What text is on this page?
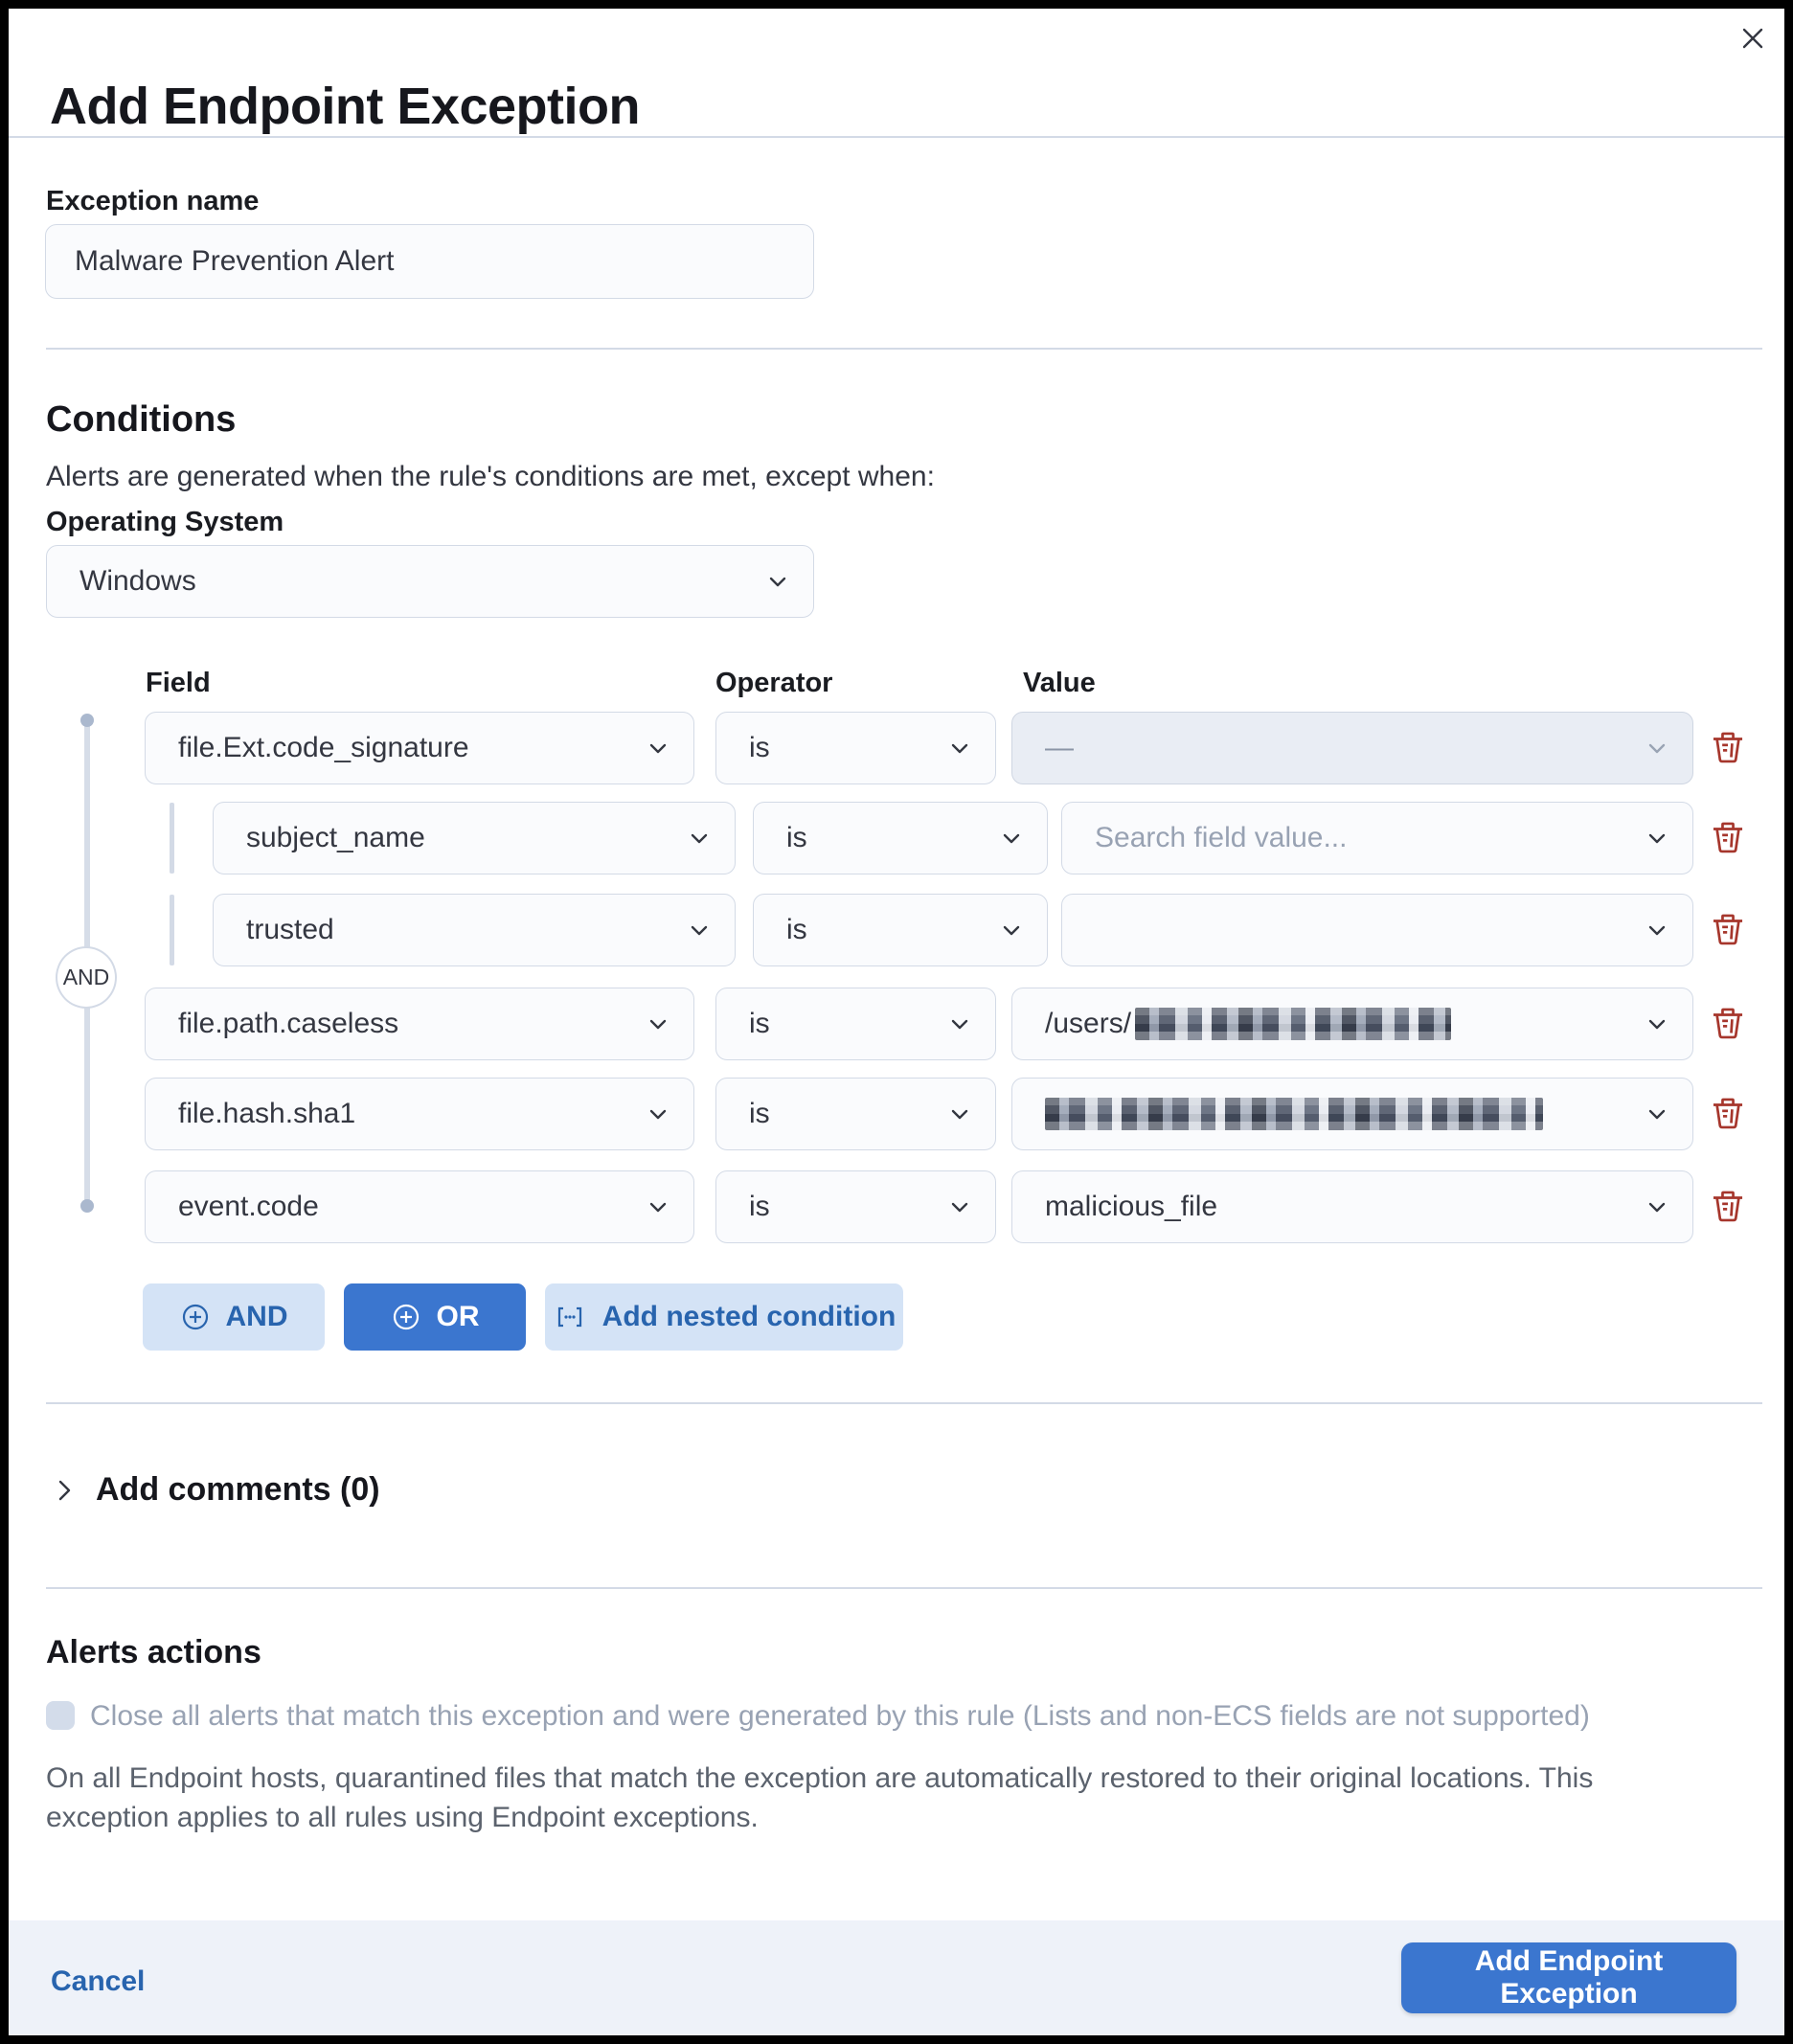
Add Endpoint Exception
Exception name
Malware Prevention Alert
Conditions
Alerts are generated when the rule's conditions are met, except when:
Operating System
Windows
Field	Operator	Value
AND
file.Ext.code_signature	is	—
subject_name	is	Search field value...
trusted	is
file.path.caseless	is	/users/
file.hash.sha1	is
event.code	is	malicious_file
AND	OR	Add nested condition
Add comments (0)
Alerts actions
Close all alerts that match this exception and were generated by this rule (Lists and non-ECS fields are not supported)
On all Endpoint hosts, quarantined files that match the exception are automatically restored to their original locations. This exception applies to all rules using Endpoint exceptions.
Cancel
Add Endpoint Exception
